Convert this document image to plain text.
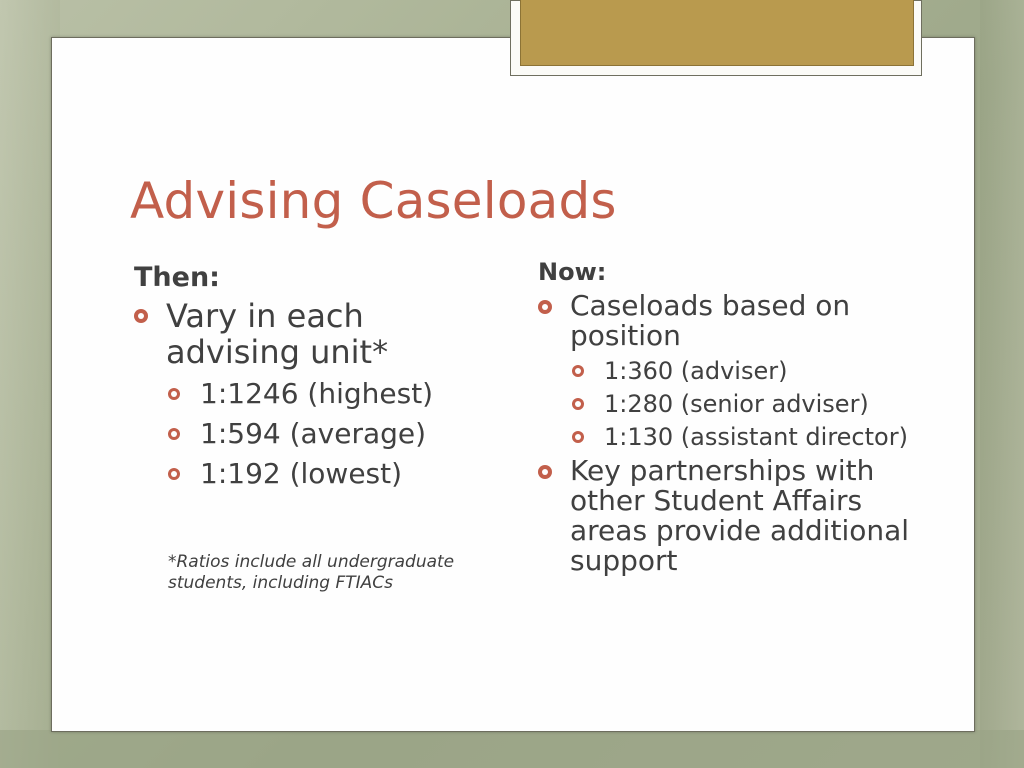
Advising Caseloads
Then:
Vary in each advising unit*
1:1246 (highest)
1:594 (average)
1:192 (lowest)
*Ratios include all undergraduate students, including FTIACs
Now:
Caseloads based on position
1:360 (adviser)
1:280 (senior adviser)
1:130 (assistant director)
Key partnerships with other Student Affairs areas provide additional support
